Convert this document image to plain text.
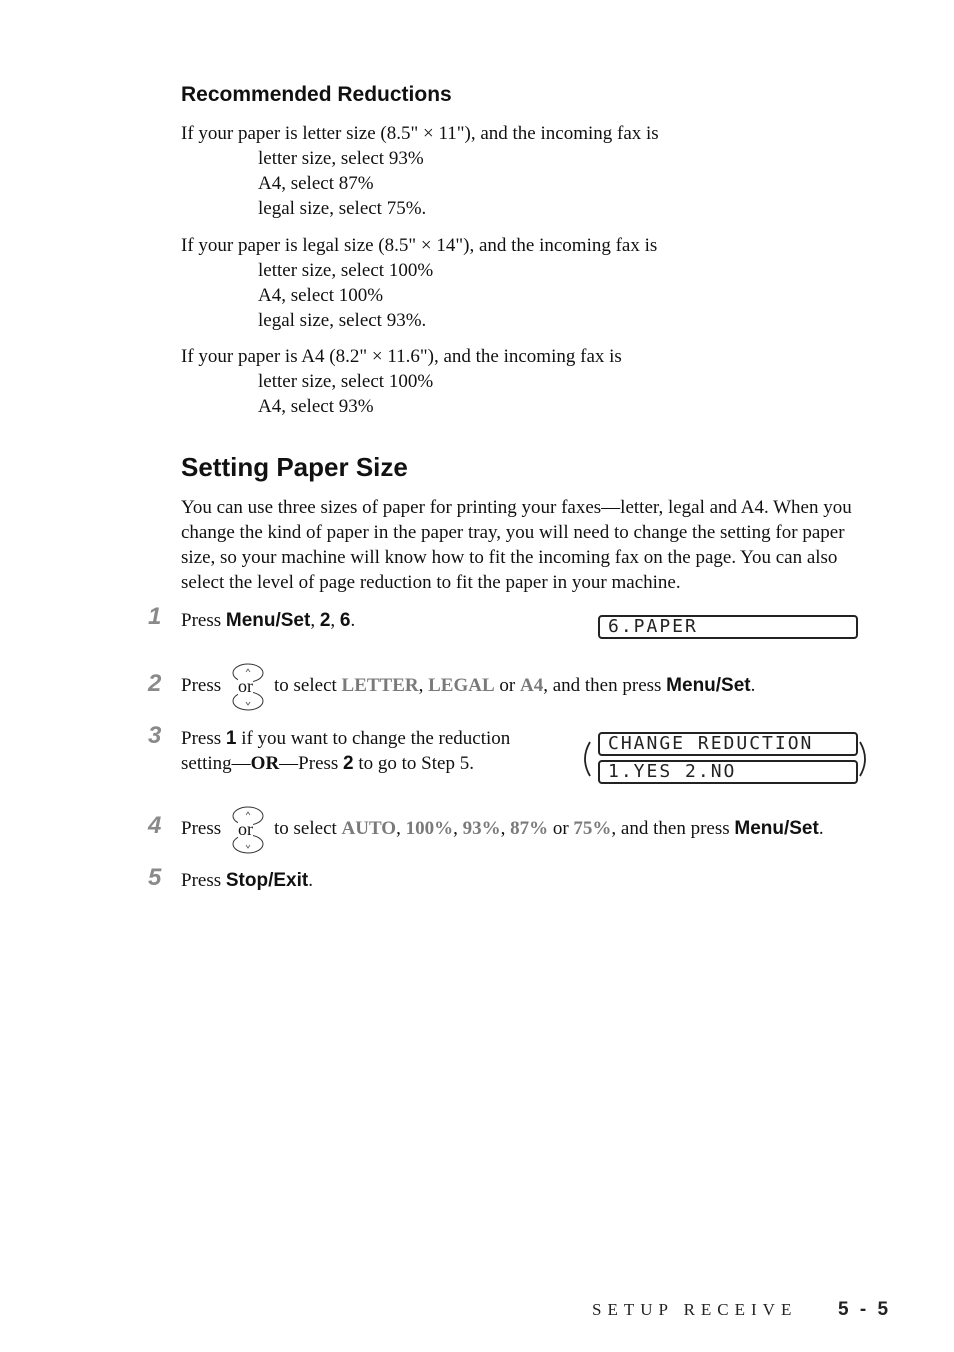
Recommended Reductions
If your paper is letter size (8.5" × 11"), and the incoming fax is
letter size, select 93%
A4, select 87%
legal size, select 75%.
If your paper is legal size (8.5" × 14"), and the incoming fax is
letter size, select 100%
A4, select 100%
legal size, select 93%.
If your paper is A4 (8.2" × 11.6"), and the incoming fax is
letter size, select 100%
A4, select 93%
Setting Paper Size
You can use three sizes of paper for printing your faxes—letter, legal and A4. When you change the kind of paper in the paper tray, you will need to change the setting for paper size, so your machine will know how to fit the incoming fax on the page. You can also select the level of page reduction to fit the paper in your machine.
1 Press Menu/Set, 2, 6.	6.PAPER
2 Press or to select LETTER, LEGAL or A4, and then press Menu/Set.
3 Press 1 if you want to change the reduction
setting—OR—Press 2 to go to Step 5.
CHANGE REDUCTION
1.YES 2.NO
4 Press or to select AUTO, 100%, 93%, 87% or 75%, and then press Menu/Set.
5 Press Stop/Exit.
SETUP RECEIVE 5 - 5
